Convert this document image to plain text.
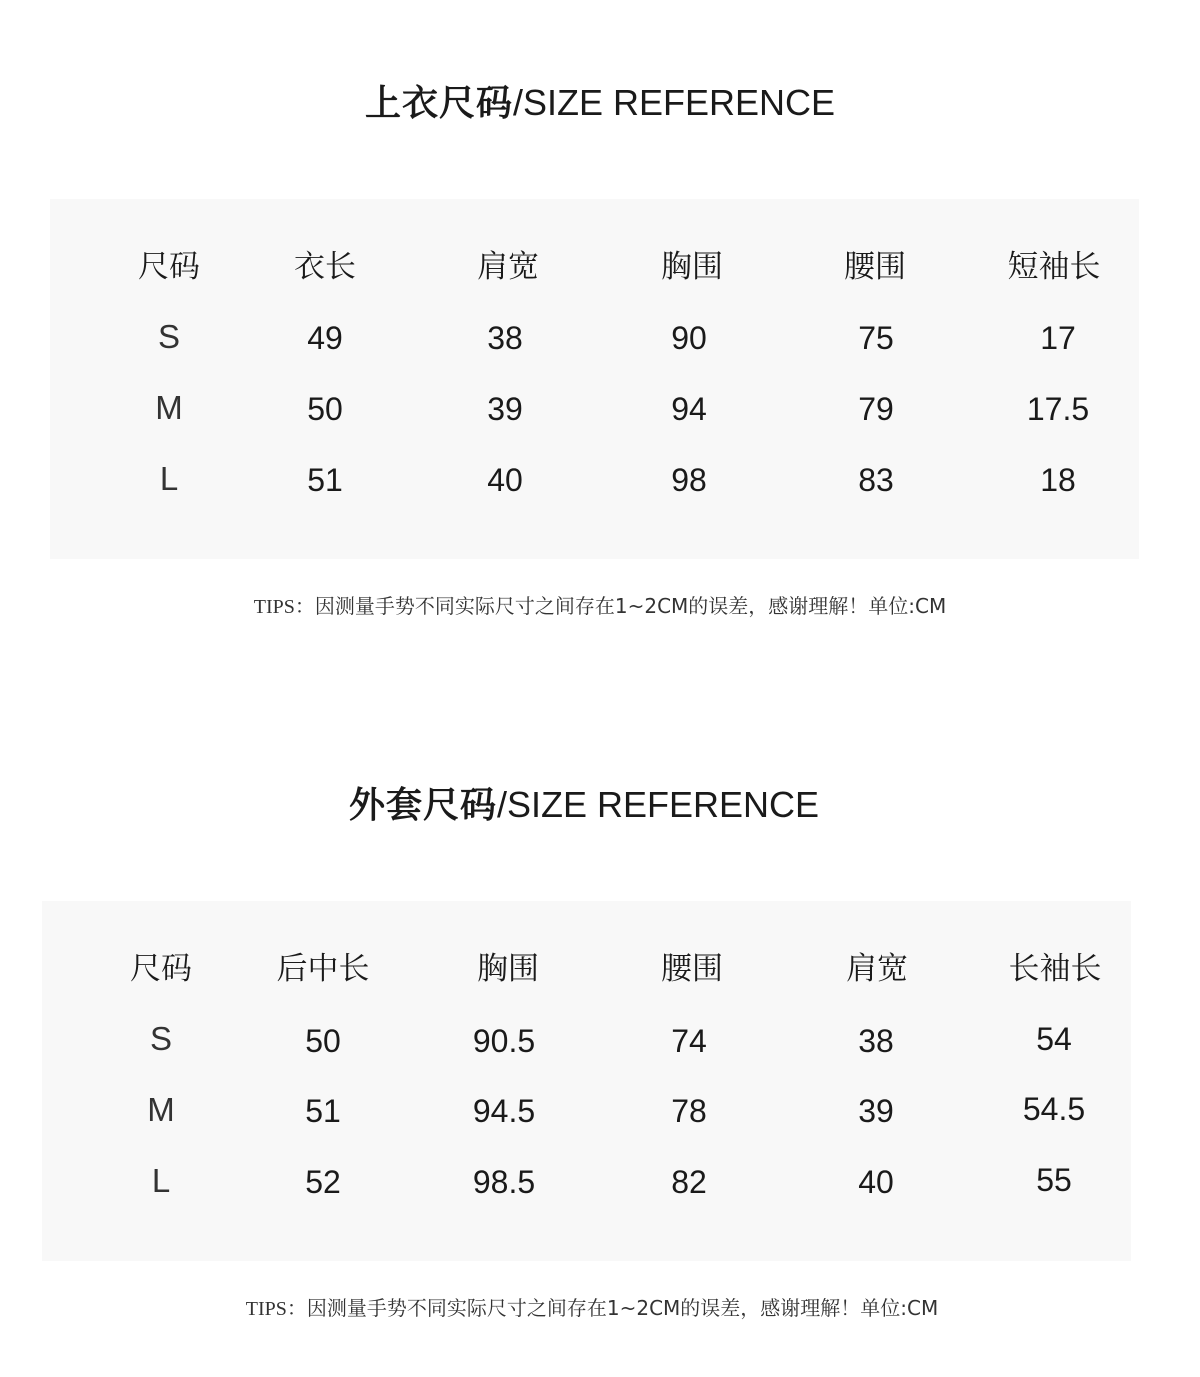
上衣尺码/SIZE REFERENCE
尺码	衣长	肩宽	胸围	腰围	短袖长
S	49	38	90	75	17
M	50	39	94	79	17.5
L	51	40	98	83	18
TIPS：因测量手势不同实际尺寸之间存在1~2CM的误差，感谢理解！单位:CM
外套尺码/SIZE REFERENCE
尺码	后中长	胸围	腰围	肩宽	长袖长
S	50	90.5	74	38	54
M	51	94.5	78	39	54.5
L	52	98.5	82	40	55
TIPS：因测量手势不同实际尺寸之间存在1~2CM的误差，感谢理解！单位:CM
